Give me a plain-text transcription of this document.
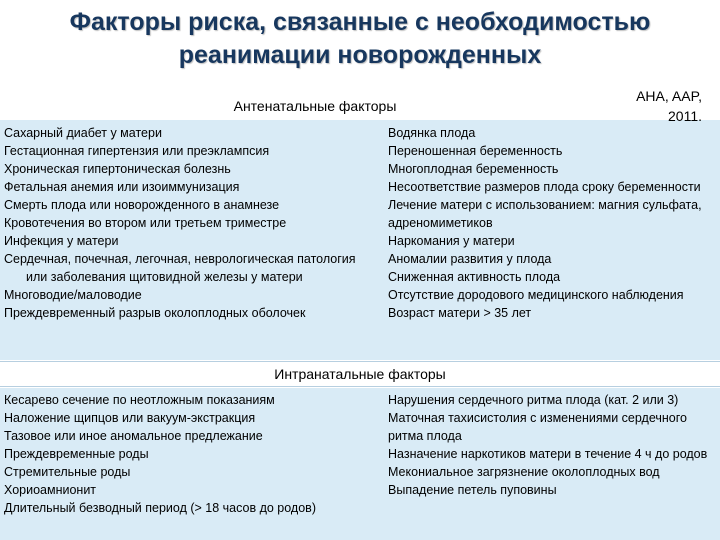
Факторы риска, связанные с необходимостью
реанимации новорожденных
AHA, AAP,
2011.
Антенатальные факторы
Сахарный диабет у матери
Гестационная гипертензия или преэклампсия
Хроническая гипертоническая болезнь
Фетальная анемия или изоиммунизация
Смерть плода или новорожденного в анамнезе
Кровотечения во втором или третьем триместре
Инфекция у матери
Сердечная, почечная, легочная, неврологическая патология или заболевания щитовидной железы у матери
Многоводие/маловодие
Преждевременный разрыв околоплодных оболочек
Водянка плода
Переношенная беременность
Многоплодная беременность
Несоответствие размеров плода сроку беременности
Лечение матери с использованием: магния сульфата, адреномиметиков
Наркомания у матери
Аномалии развития у плода
Сниженная активность плода
Отсутствие дородового медицинского наблюдения
Возраст матери > 35 лет
Интранатальные факторы
Кесарево сечение по неотложным показаниям
Наложение щипцов или вакуум-экстракция
Тазовое или иное аномальное предлежание
Преждевременные роды
Стремительные роды
Хориоамнионит
Длительный безводный период (> 18 часов до родов)
Нарушения сердечного ритма плода (кат. 2 или 3)
Маточная тахисистолия с изменениями сердечного ритма плода
Назначение наркотиков матери в течение 4 ч до родов
Мекониальное загрязнение околоплодных вод
Выпадение петель пуповины
